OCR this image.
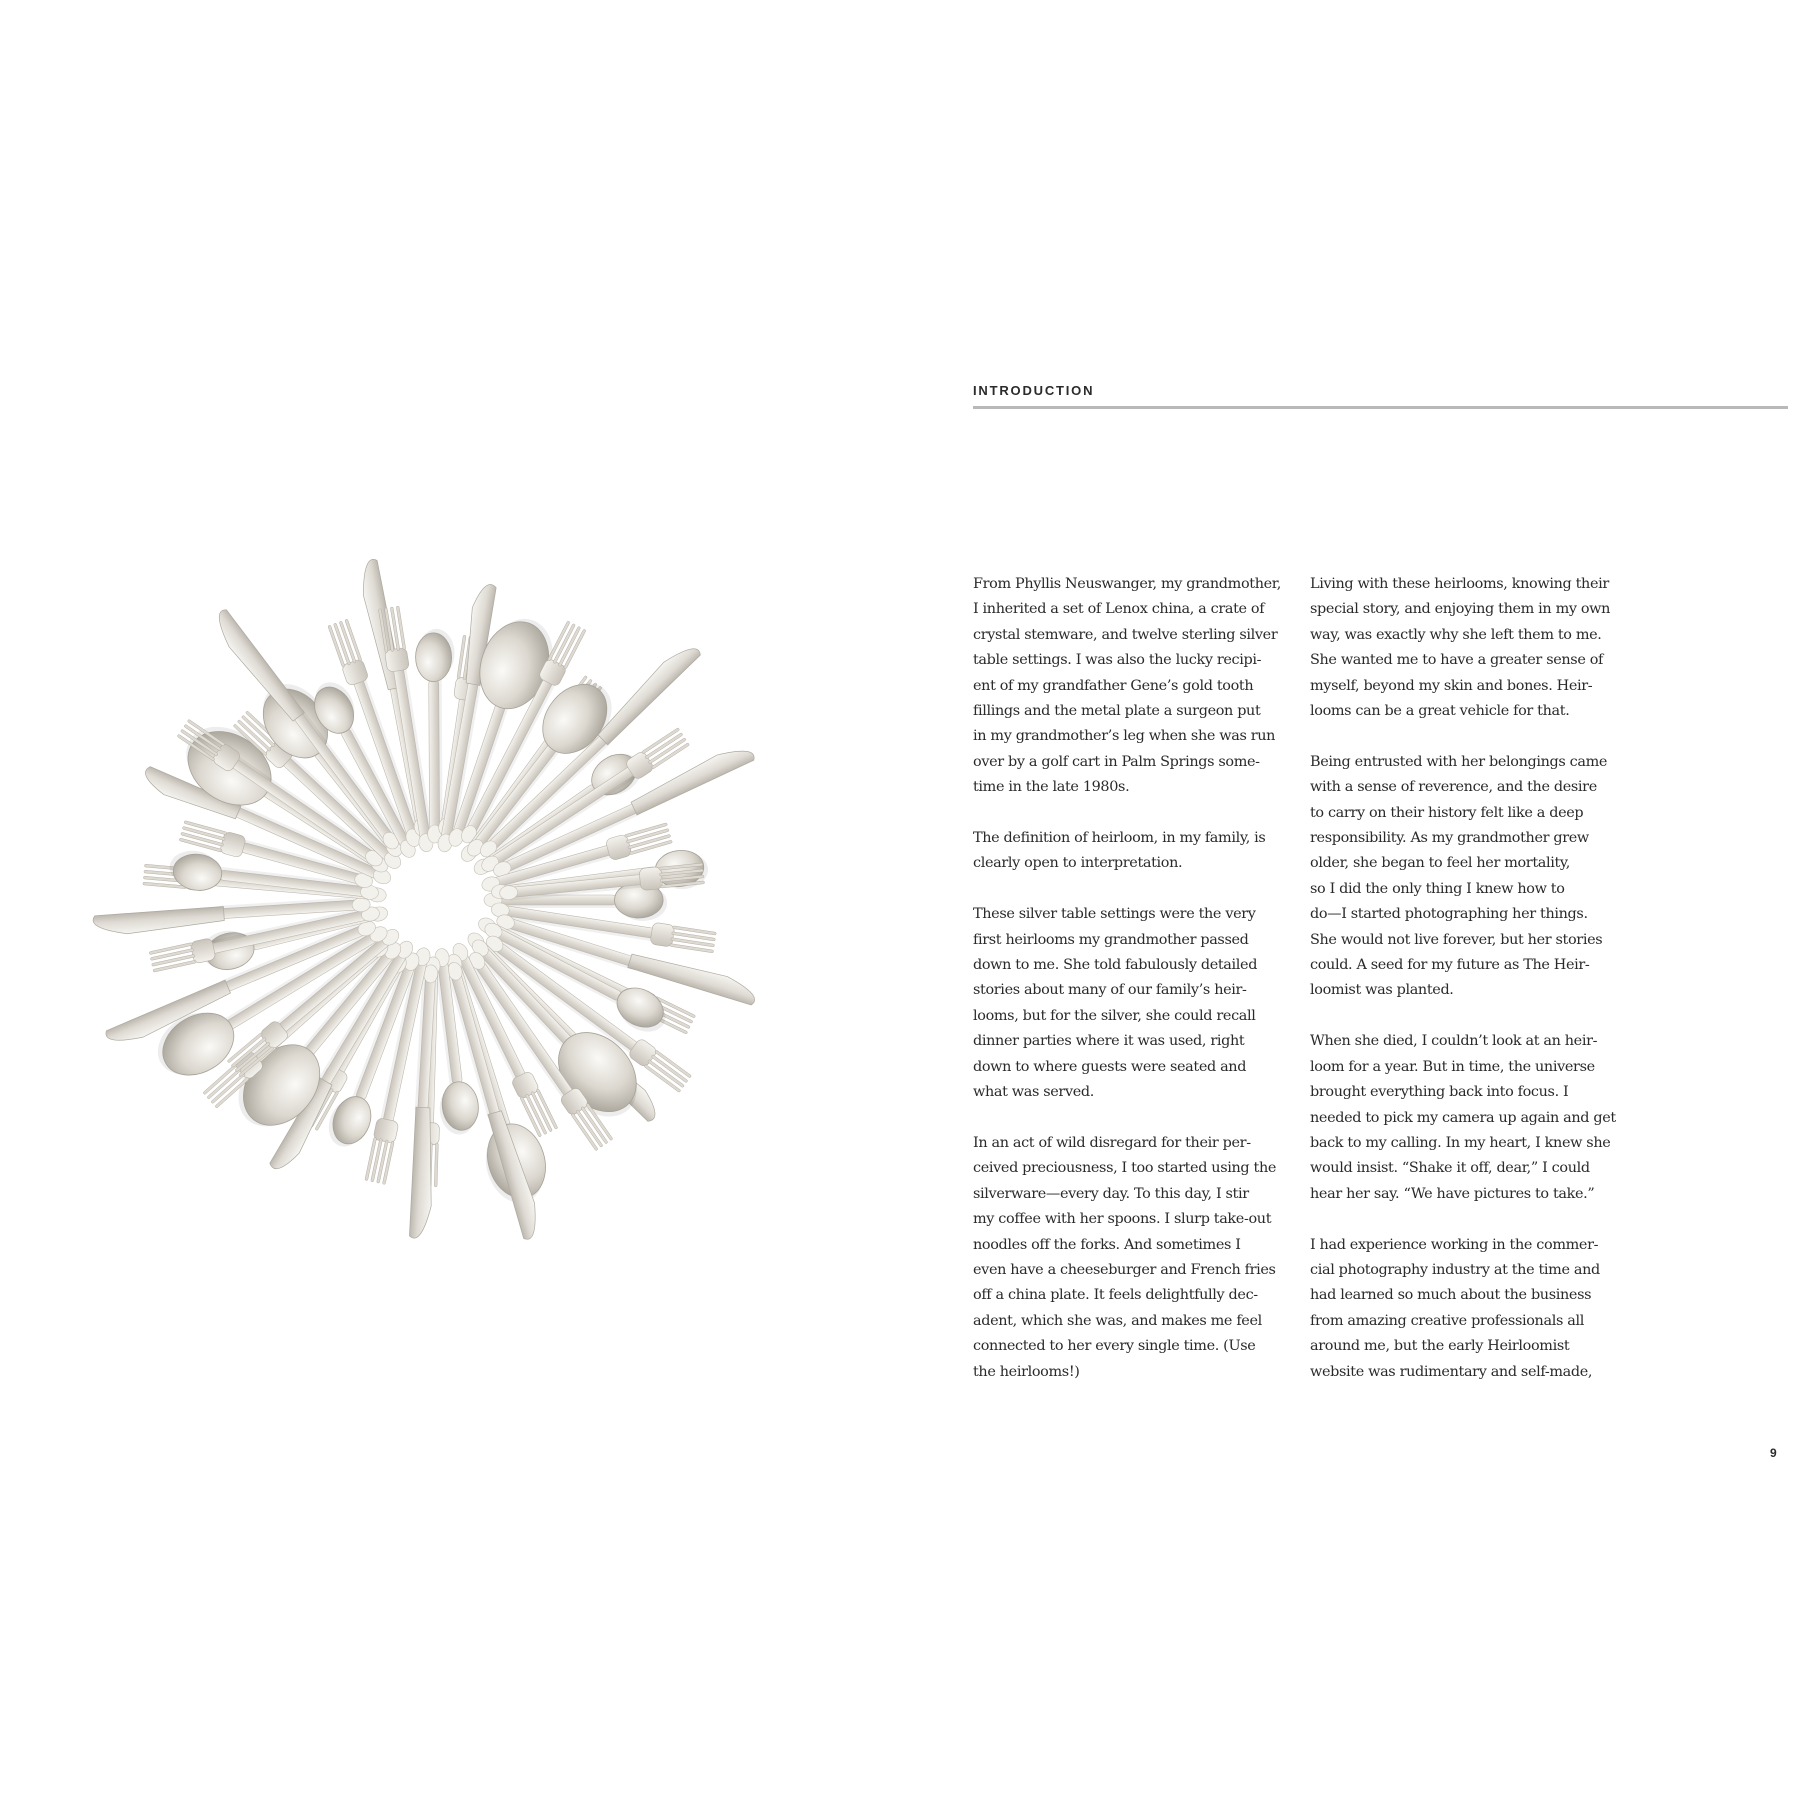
INTRODUCTION

From Phyllis Neuswanger, my grandmother,
I inherited a set of Lenox china, a crate of
crystal stemware, and twelve sterling silver
table settings. I was also the lucky recipi-
ent of my grandfather Gene’s gold tooth
fillings and the metal plate a surgeon put
in my grandmother’s leg when she was run
over by a golf cart in Palm Springs some-
time in the late 1980s.

The definition of heirloom, in my family, is
clearly open to interpretation.

These silver table settings were the very
first heirlooms my grandmother passed
down to me. She told fabulously detailed
stories about many of our family’s heir-
looms, but for the silver, she could recall
dinner parties where it was used, right
down to where guests were seated and
what was served.

In an act of wild disregard for their per-
ceived preciousness, I too started using the
silverware—every day. To this day, I stir
my coffee with her spoons. I slurp take-out
noodles off the forks. And sometimes I
even have a cheeseburger and French fries
off a china plate. It feels delightfully dec-
adent, which she was, and makes me feel
connected to her every single time. (Use
the heirlooms!)

Living with these heirlooms, knowing their
special story, and enjoying them in my own
way, was exactly why she left them to me.
She wanted me to have a greater sense of
myself, beyond my skin and bones. Heir-
looms can be a great vehicle for that.

Being entrusted with her belongings came
with a sense of reverence, and the desire
to carry on their history felt like a deep
responsibility. As my grandmother grew
older, she began to feel her mortality,
so I did the only thing I knew how to
do—I started photographing her things.
She would not live forever, but her stories
could. A seed for my future as The Heir-
loomist was planted.

When she died, I couldn’t look at an heir-
loom for a year. But in time, the universe
brought everything back into focus. I
needed to pick my camera up again and get
back to my calling. In my heart, I knew she
would insist. “Shake it off, dear,” I could
hear her say. “We have pictures to take.”

I had experience working in the commer-
cial photography industry at the time and
had learned so much about the business
from amazing creative professionals all
around me, but the early Heirloomist
website was rudimentary and self-made,

9
